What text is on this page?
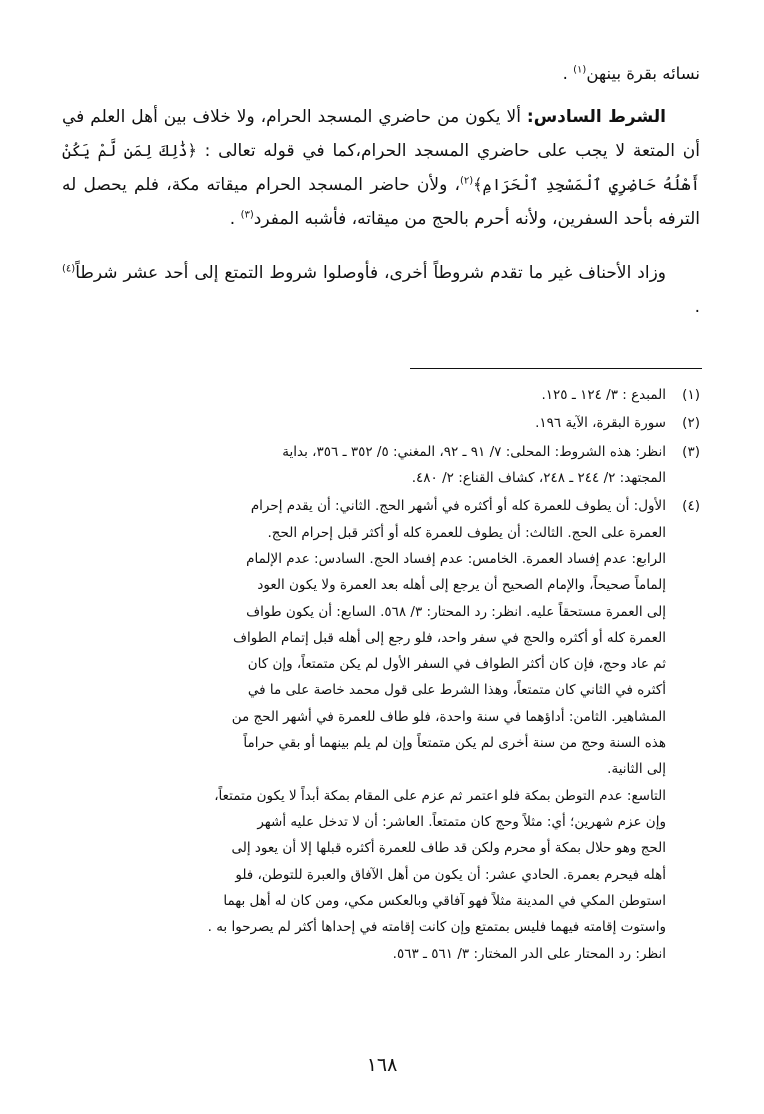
نسائه بقرة بينهن$^{(١)}$ .
الشرط السادس: ألا يكون من حاضري المسجد الحرام، ولا خلاف بين أهل العلم في أن المتعة لا يجب على حاضري المسجد الحرام،كما في قوله تعالى : ﴿ذَٰلِكَ لِمَن لَّمْ يَكُنْ أَهْلُهُ حَاضِرِي ٱلْمَسْجِدِ ٱلْحَرَامِ﴾$^{(٢)}$، ولأن حاضر المسجد الحرام ميقاته مكة، فلم يحصل له الترفه بأحد السفرين، ولأنه أحرم بالحج من ميقاته، فأشبه المفرد$^{(٣)}$ .
وزاد الأحناف غير ما تقدم شروطاً أخرى، فأوصلوا شروط التمتع إلى أحد عشر شرطاً$^{(٤)}$ .
(١)
المبدع : ٣/ ١٢٤ ـ ١٢٥.
(٢)
سورة البقرة، الآية ١٩٦.
(٣)
انظر: هذه الشروط: المحلى: ٧/ ٩١ ـ ٩٢، المغني: ٥/ ٣٥٢ ـ ٣٥٦، بداية
المجتهد: ٢/ ٢٤٤ ـ ٢٤٨، كشاف القناع: ٢/ ٤٨٠.
(٤)
الأول: أن يطوف للعمرة كله أو أكثره في أشهر الحج. الثاني: أن يقدم إحرام
العمرة على الحج. الثالث: أن يطوف للعمرة كله أو أكثر قبل إحرام الحج.
الرابع: عدم إفساد العمرة. الخامس: عدم إفساد الحج. السادس: عدم الإلمام
إلماماً صحيحاً، والإمام الصحيح أن يرجع إلى أهله بعد العمرة ولا يكون العود
إلى العمرة مستحقاً عليه. انظر: رد المحتار: ٣/ ٥٦٨. السابع: أن يكون طواف
العمرة كله أو أكثره والحج في سفر واحد، فلو رجع إلى أهله قبل إتمام الطواف
ثم عاد وحج، فإن كان أكثر الطواف في السفر الأول لم يكن متمتعاً، وإن كان
أكثره في الثاني كان متمتعاً، وهذا الشرط على قول محمد خاصة على ما في
المشاهير. الثامن: أداؤهما في سنة واحدة، فلو طاف للعمرة في أشهر الحج من
هذه السنة وحج من سنة أخرى لم يكن متمتعاً وإن لم يلم بينهما أو بقي حراماً
إلى الثانية.
التاسع: عدم التوطن بمكة فلو اعتمر ثم عزم على المقام بمكة أبداً لا يكون متمتعاً،
وإن عزم شهرين؛ أي: مثلاً وحج كان متمتعاً. العاشر: أن لا تدخل عليه أشهر
الحج وهو حلال بمكة أو محرم ولكن قد طاف للعمرة أكثره قبلها إلا أن يعود إلى
أهله فيحرم بعمرة. الحادي عشر: أن يكون من أهل الآفاق والعبرة للتوطن، فلو
استوطن المكي في المدينة مثلاً فهو آفاقي وبالعكس مكي، ومن كان له أهل بهما
واستوت إقامته فيهما فليس بمتمتع وإن كانت إقامته في إحداها أكثر لم يصرحوا به .
انظر: رد المحتار على الدر المختار: ٣/ ٥٦١ ـ ٥٦٣.
١٦٨
